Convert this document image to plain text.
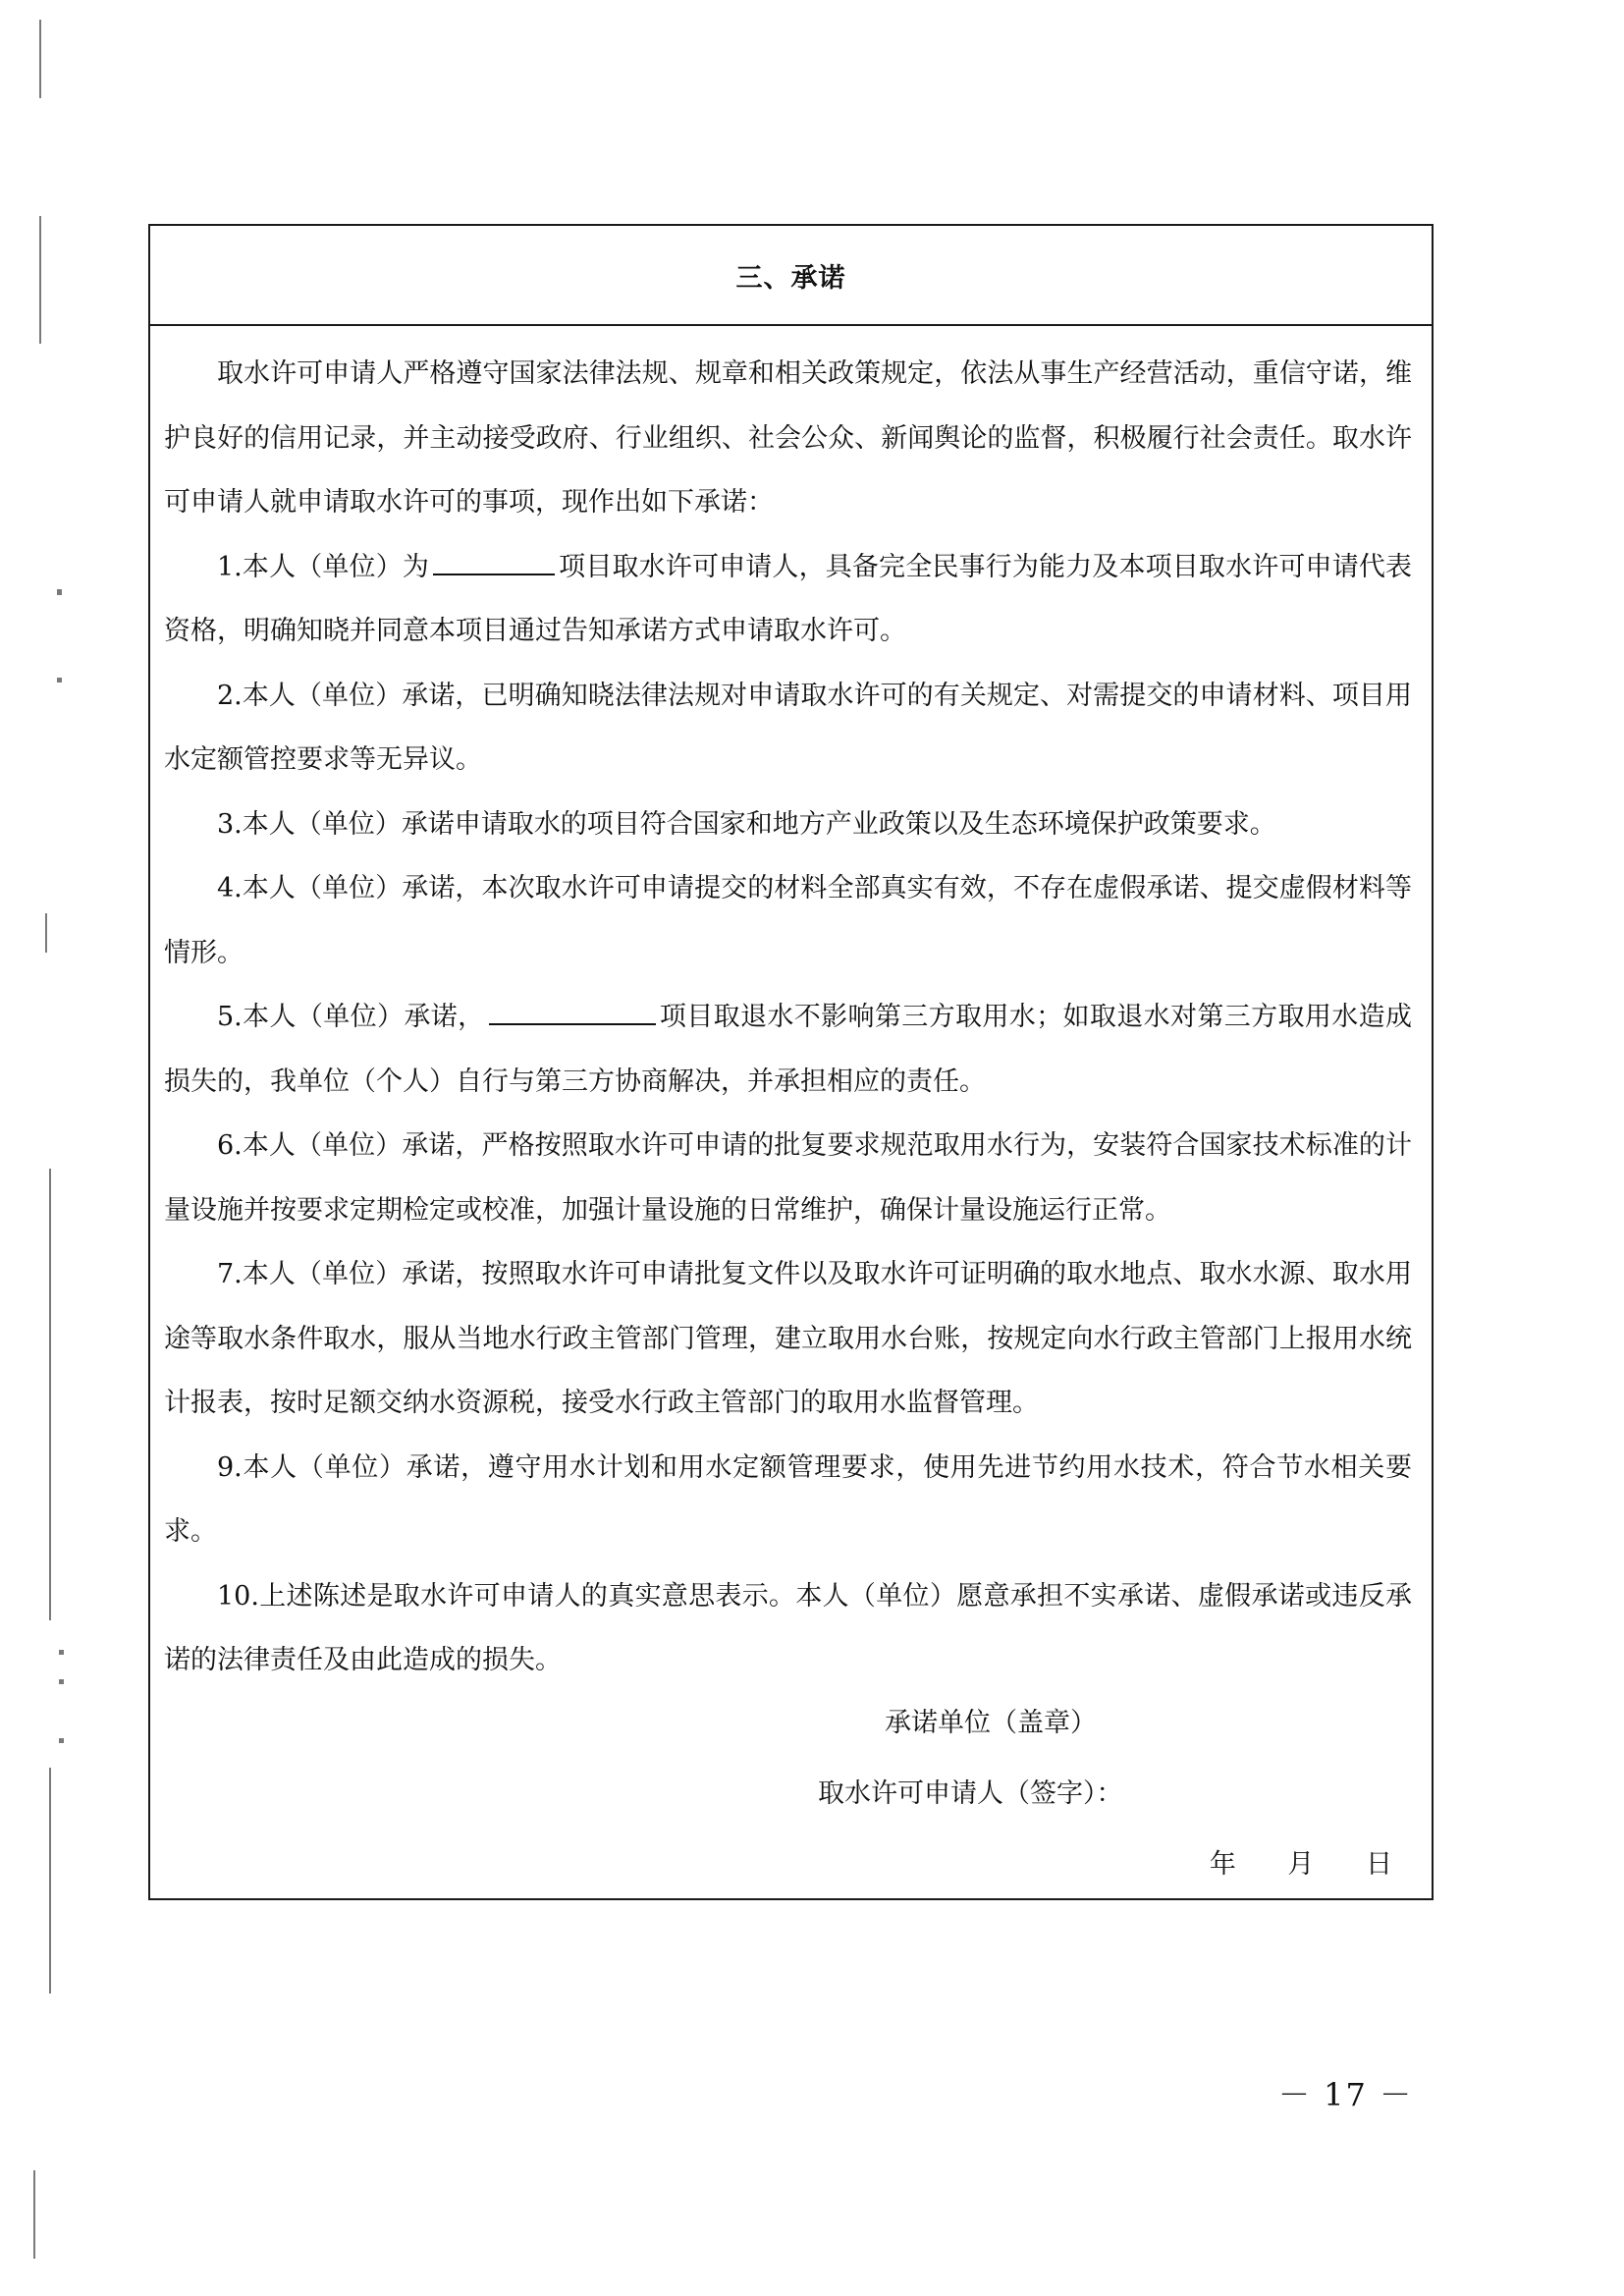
三、承诺

取水许可申请人严格遵守国家法律法规、规章和相关政策规定，依法从事生产经营活动，重信守诺，维护良好的信用记录，并主动接受政府、行业组织、社会公众、新闻舆论的监督，积极履行社会责任。取水许可申请人就申请取水许可的事项，现作出如下承诺：

1.本人（单位）为	项目取水许可申请人，具备完全民事行为能力及本项目取水许可申请代表资格，明确知晓并同意本项目通过告知承诺方式申请取水许可。

2.本人（单位）承诺，已明确知晓法律法规对申请取水许可的有关规定、对需提交的申请材料、项目用水定额管控要求等无异议。

3.本人（单位）承诺申请取水的项目符合国家和地方产业政策以及生态环境保护政策要求。

4.本人（单位）承诺，本次取水许可申请提交的材料全部真实有效，不存在虚假承诺、提交虚假材料等情形。

5.本人（单位）承诺，	项目取退水不影响第三方取用水；如取退水对第三方取用水造成损失的，我单位（个人）自行与第三方协商解决，并承担相应的责任。

6.本人（单位）承诺，严格按照取水许可申请的批复要求规范取用水行为，安装符合国家技术标准的计量设施并按要求定期检定或校准，加强计量设施的日常维护，确保计量设施运行正常。

7.本人（单位）承诺，按照取水许可申请批复文件以及取水许可证明确的取水地点、取水水源、取水用途等取水条件取水，服从当地水行政主管部门管理，建立取用水台账，按规定向水行政主管部门上报用水统计报表，按时足额交纳水资源税，接受水行政主管部门的取用水监督管理。

9.本人（单位）承诺，遵守用水计划和用水定额管理要求，使用先进节约用水技术，符合节水相关要求。

10.上述陈述是取水许可申请人的真实意思表示。本人（单位）愿意承担不实承诺、虚假承诺或违反承诺的法律责任及由此造成的损失。

承诺单位（盖章）
取水许可申请人（签字）：
年 月 日
－ 17 －
